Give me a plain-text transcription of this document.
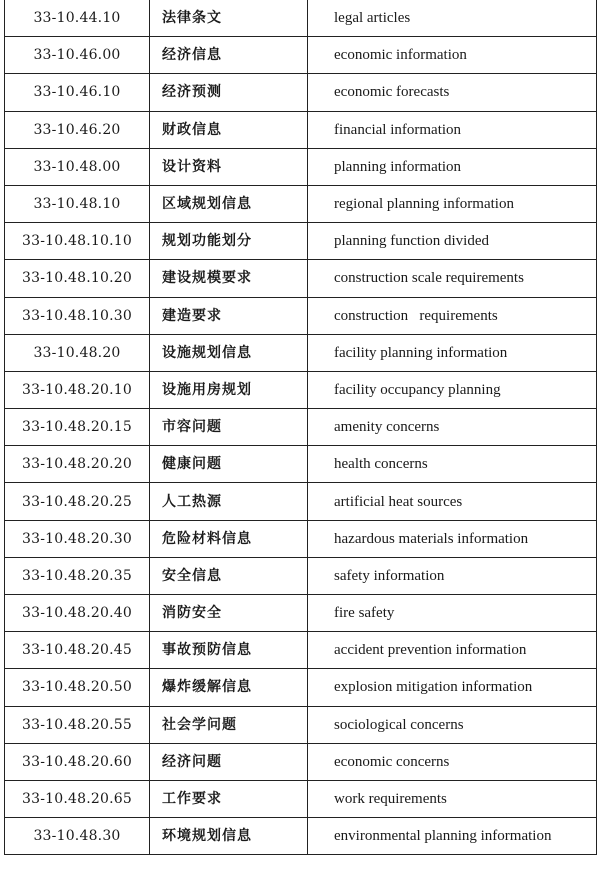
33-10.44.10	法律条文	legal articles
33-10.46.00	经济信息	economic information
33-10.46.10	经济预测	economic forecasts
33-10.46.20	财政信息	financial information
33-10.48.00	设计资料	planning information
33-10.48.10	区域规划信息	regional planning information
33-10.48.10.10	规划功能划分	planning function divided
33-10.48.10.20	建设规模要求	construction scale requirements
33-10.48.10.30	建造要求	construction   requirements
33-10.48.20	设施规划信息	facility planning information
33-10.48.20.10	设施用房规划	facility occupancy planning
33-10.48.20.15	市容问题	amenity concerns
33-10.48.20.20	健康问题	health concerns
33-10.48.20.25	人工热源	artificial heat sources
33-10.48.20.30	危险材料信息	hazardous materials information
33-10.48.20.35	安全信息	safety information
33-10.48.20.40	消防安全	fire safety
33-10.48.20.45	事故预防信息	accident prevention information
33-10.48.20.50	爆炸缓解信息	explosion mitigation information
33-10.48.20.55	社会学问题	sociological concerns
33-10.48.20.60	经济问题	economic concerns
33-10.48.20.65	工作要求	work requirements
33-10.48.30	环境规划信息	environmental planning information
